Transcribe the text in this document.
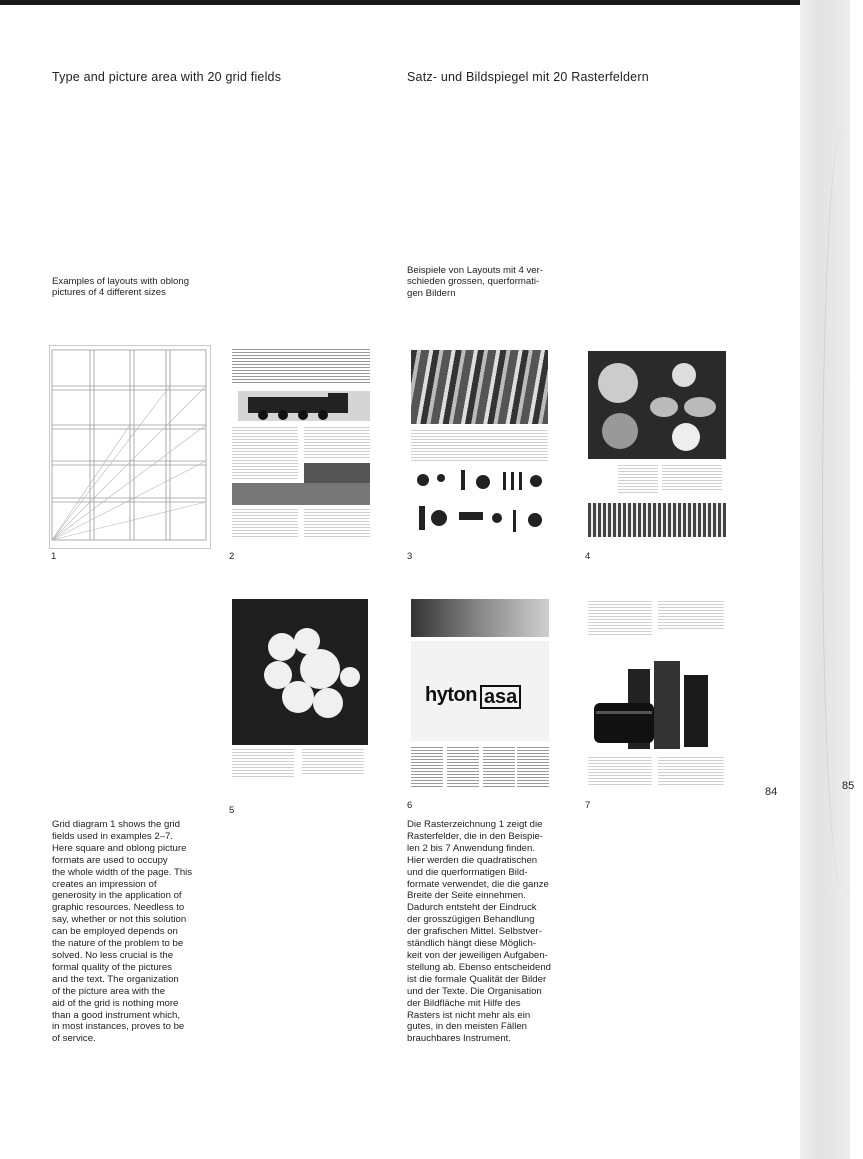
Type and picture area with 20 grid fields	Satz- und Bildspiegel mit 20 Rasterfeldern

Examples of layouts with oblong
pictures of 4 different sizes

Beispiele von Layouts mit 4 ver-
schieden grossen, querformati-
gen Bildern

1	2	3	4
5
hyton asa
6	7
84	85

Grid diagram 1 shows the grid
fields used in examples 2–7.
Here square and oblong picture
formats are used to occupy
the whole width of the page. This
creates an impression of
generosity in the application of
graphic resources. Needless to
say, whether or not this solution
can be employed depends on
the nature of the problem to be
solved. No less crucial is the
formal quality of the pictures
and the text. The organization
of the picture area with the
aid of the grid is nothing more
than a good instrument which,
in most instances, proves to be
of service.

Die Rasterzeichnung 1 zeigt die
Rasterfelder, die in den Beispie-
len 2 bis 7 Anwendung finden.
Hier werden die quadratischen
und die querformatigen Bild-
formate verwendet, die die ganze
Breite der Seite einnehmen.
Dadurch entsteht der Eindruck
der grosszügigen Behandlung
der grafischen Mittel. Selbstver-
ständlich hängt diese Möglich-
keit von der jeweiligen Aufgaben-
stellung ab. Ebenso entscheidend
ist die formale Qualität der Bilder
und der Texte. Die Organisation
der Bildfläche mit Hilfe des
Rasters ist nicht mehr als ein
gutes, in den meisten Fällen
brauchbares Instrument.
